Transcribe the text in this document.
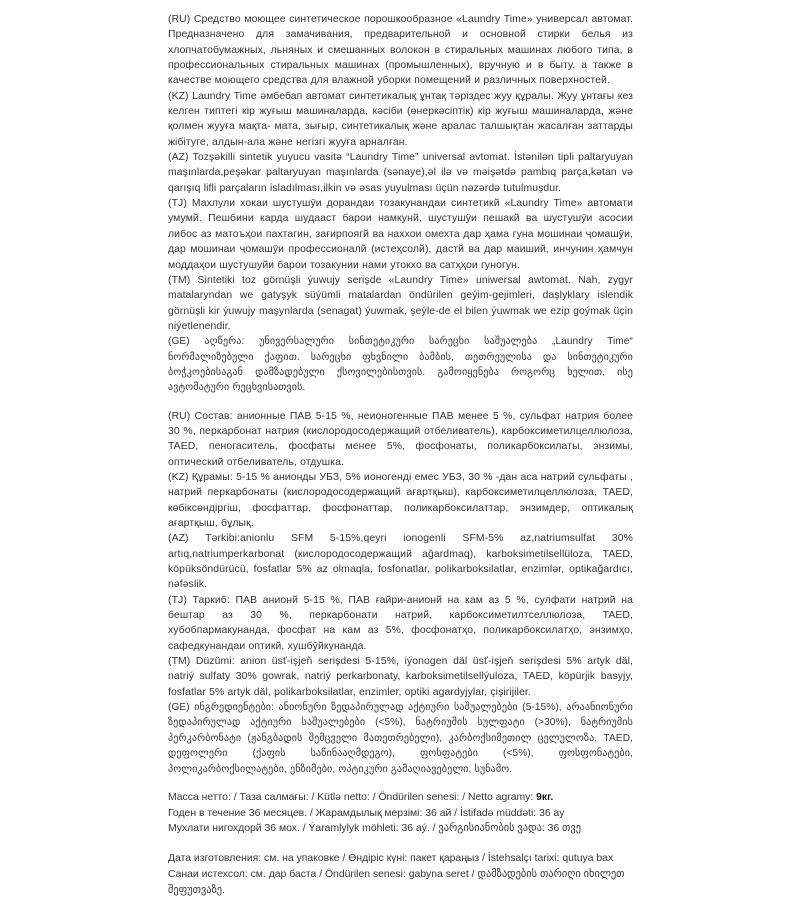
(RU) Средство моющее синтетическое порошкообразное «Laundry Time» универсал автомат. Предназначено для замачивания, предварительной и основной стирки белья из хлопчатобумажных, льняных и смешанных волокон в стиральных машинах любого типа, в профессиональных стиральных машинах (промышленных), вручную и в быту, а также в качестве моющего средства для влажной уборки помещений и различных поверхностей.

(KZ) Laundry Time әмбебап автомат синтетикалық ұнтақ тәріздес жуу құралы. Жуу ұнтағы кез келген типтегі кір жуғыш машиналарда, кәсіби (өнеркәсіптік) кір жуғыш машиналарда, және қолмен жууға мақта- мата, зығыр, синтетикалық және аралас талшықтан жасалған заттарды жібітуге, алдын-ала және негізгі жууға арналған.

(AZ) Tozşəkilli sintetik yuyucu vasitə “Laundry Time” universal avtomat. İstənilən tipli paltaryuyan maşınlarda,peşəkar paltaryuyan maşınlarda (sənaye),əl ilə və məişətdə pambıq parça,kətan və qarışıq lifli parçaların isladılması,ilkin və əsas yuyulması üçün nəzərdə tutulmuşdur.

(TJ) Махлули хокаи шустушӯи дорандаи тозакунандаи синтетикй «Laundry Time» автомати умумй. Пешбини карда шудааст барои намкунй, шустушӯи пешакй ва шустушӯи асосии либос аз матоъҳои пахтагин, зағирпоягй ва наххои омехта дар ҳама гуна мошинаи ҷомашӯи, дар мошинаи ҷомашӯи профессионалй (истеҳсолй), дастй ва дар маиший, инчунин ҳамчун моддаҳои шустушуйи барои тозакунии нами утокхо ва сатҳҳои гуногун.

(TM) Sintetiki toz görnüşli ýuwujy serişde «Laundry Time» uniwersal awtomat. Nah, zygyr matalaryndan we gatyşyk süýümli matalardan öndürilen geýim-gejimleri, daşlyklary islendik görnüşli kir ýuwujy maşynlarda (senagat) ýuwmak, şeýle-de el bilen ýuwmak we ezip goýmak üçin niýetlenendir.

(GE) აღწერა: უნივერსალური სინთეტიკური სარეცხი საშუალება „Laundry Time“ ნორმალიზებული ქაფით. სარეცხი ფხვნილი ბამბის, თეთრეულისა და სინთეტიკური ბოჭკოებისაგან დამზადებული ქსოვილებისთვის. გამოიყენება როგორც ხელით, ისე ავტომატური რეცხვისათვის.

(RU) Состав: анионные ПАВ 5-15 %, неионогенные ПАВ менее 5 %, сульфат натрия более 30 %, перкарбонат натрия (кислородосодержащий отбеливатель), карбоксиметилцеллюлоза, TAED, пеногаситель, фосфаты менее 5%, фосфонаты, поликарбоксилаты, энзимы, оптический отбеливатель, отдушка.

(KZ) Құрамы: 5-15 % анионды УБЗ, 5% ионогенді емес УБЗ, 30 % -дан аса натрий сульфаты , натрий перкарбонаты (кислородосодержащий ағартқыш), карбоксиметилцеллюлоза, TAED, көбіксөндіргіш, фосфаттар, фосфонаттар, поликарбоксилаттар, энзимдер, оптикалық ағартқыш, бұлық.

(AZ) Tərkibi:anionlu SFM 5-15%,qeyri ionogenli SFM-5% az,natriumsulfat 30% artıq,natriumperkarbonat (кислородосодержащий ağardmaq), karboksimetilsellüloza, TAED, köpüksöndürücü, fosfatlar 5% az olmaqla, fosfonatlar, polikarboksilatlar, enzimlər, optikağardıcı, nəfəslik.

(TJ) Таркиб: ПАВ анионй 5-15 %, ПАВ ғайри-анионй на кам аз 5 %, сулфати натрий на бештар аз 30 %, перкарбонати натрий, карбоксиметилтселлюлоза, TAED, хубобпармакунанда, фосфат на кам аз 5%, фосфонатҳо, поликарбоксилатҳо, энзимҳо, сафедкунандаи оптикй, хушбӯйкунанда.

(TM) Düzümi: anion üsť-işjeň serişdesi 5-15%, iýonogen däl üsť-işjeň serişdesi 5% artyk däl, natriý sulfaty 30% gowrak, natriý perkarbonaty, karboksimetilsellýuloza, TAED, köpürjik basyjy, fosfatlar 5% artyk däl, polikarboksilatlar, enzimler, optiki agardyjylar, çişirijiler.

(GE) ინგრედიენტები: ანიონური ზედაპირულად აქტიური საშუალებები (5-15%), არაანიონური ზედაპირულად აქტიური საშუალებები (<5%), ნატრიუმის სულფატი (>30%), ნატრიუმის პერკარბონატი (ჟანგბადის შემცველი მათეთრებელი), კარბოქსიმეთილ ცელულოზა, TAED, დეფოლერი (ქაფის საწინააღმდეგო), ფოსფატები (<5%), ფოსფონატები, პოლიკარბოქსილატები, ენზიმები, ოპტიკური გამაღიავებელი, სუნამო.

Масса нетто: / Таза салмағы: / Kütlə netto: / Öndürilen senesi: / Netto agramy: 9кг.

Годен в течение 36 месяцев. / Жарамдылық мерзімі: 36 ай / İstifadə müddəti: 36 ay

Мухлати нигохдорй 36 мох. / Ýaramlylyk möhleti: 36 aý. / ვარგისიანობის ვადა: 36 თვე

Дата изготовления: см. на упаковке / Өндіріс күні: пакет қараңыз / İstehsalçı tarixi: qutuya bax

Санаи истехсол: см. дар баста / Öndürilen senesi: gabyna seret / დამზადების თარიღი იხილეთ

შეფუთვაზე.
